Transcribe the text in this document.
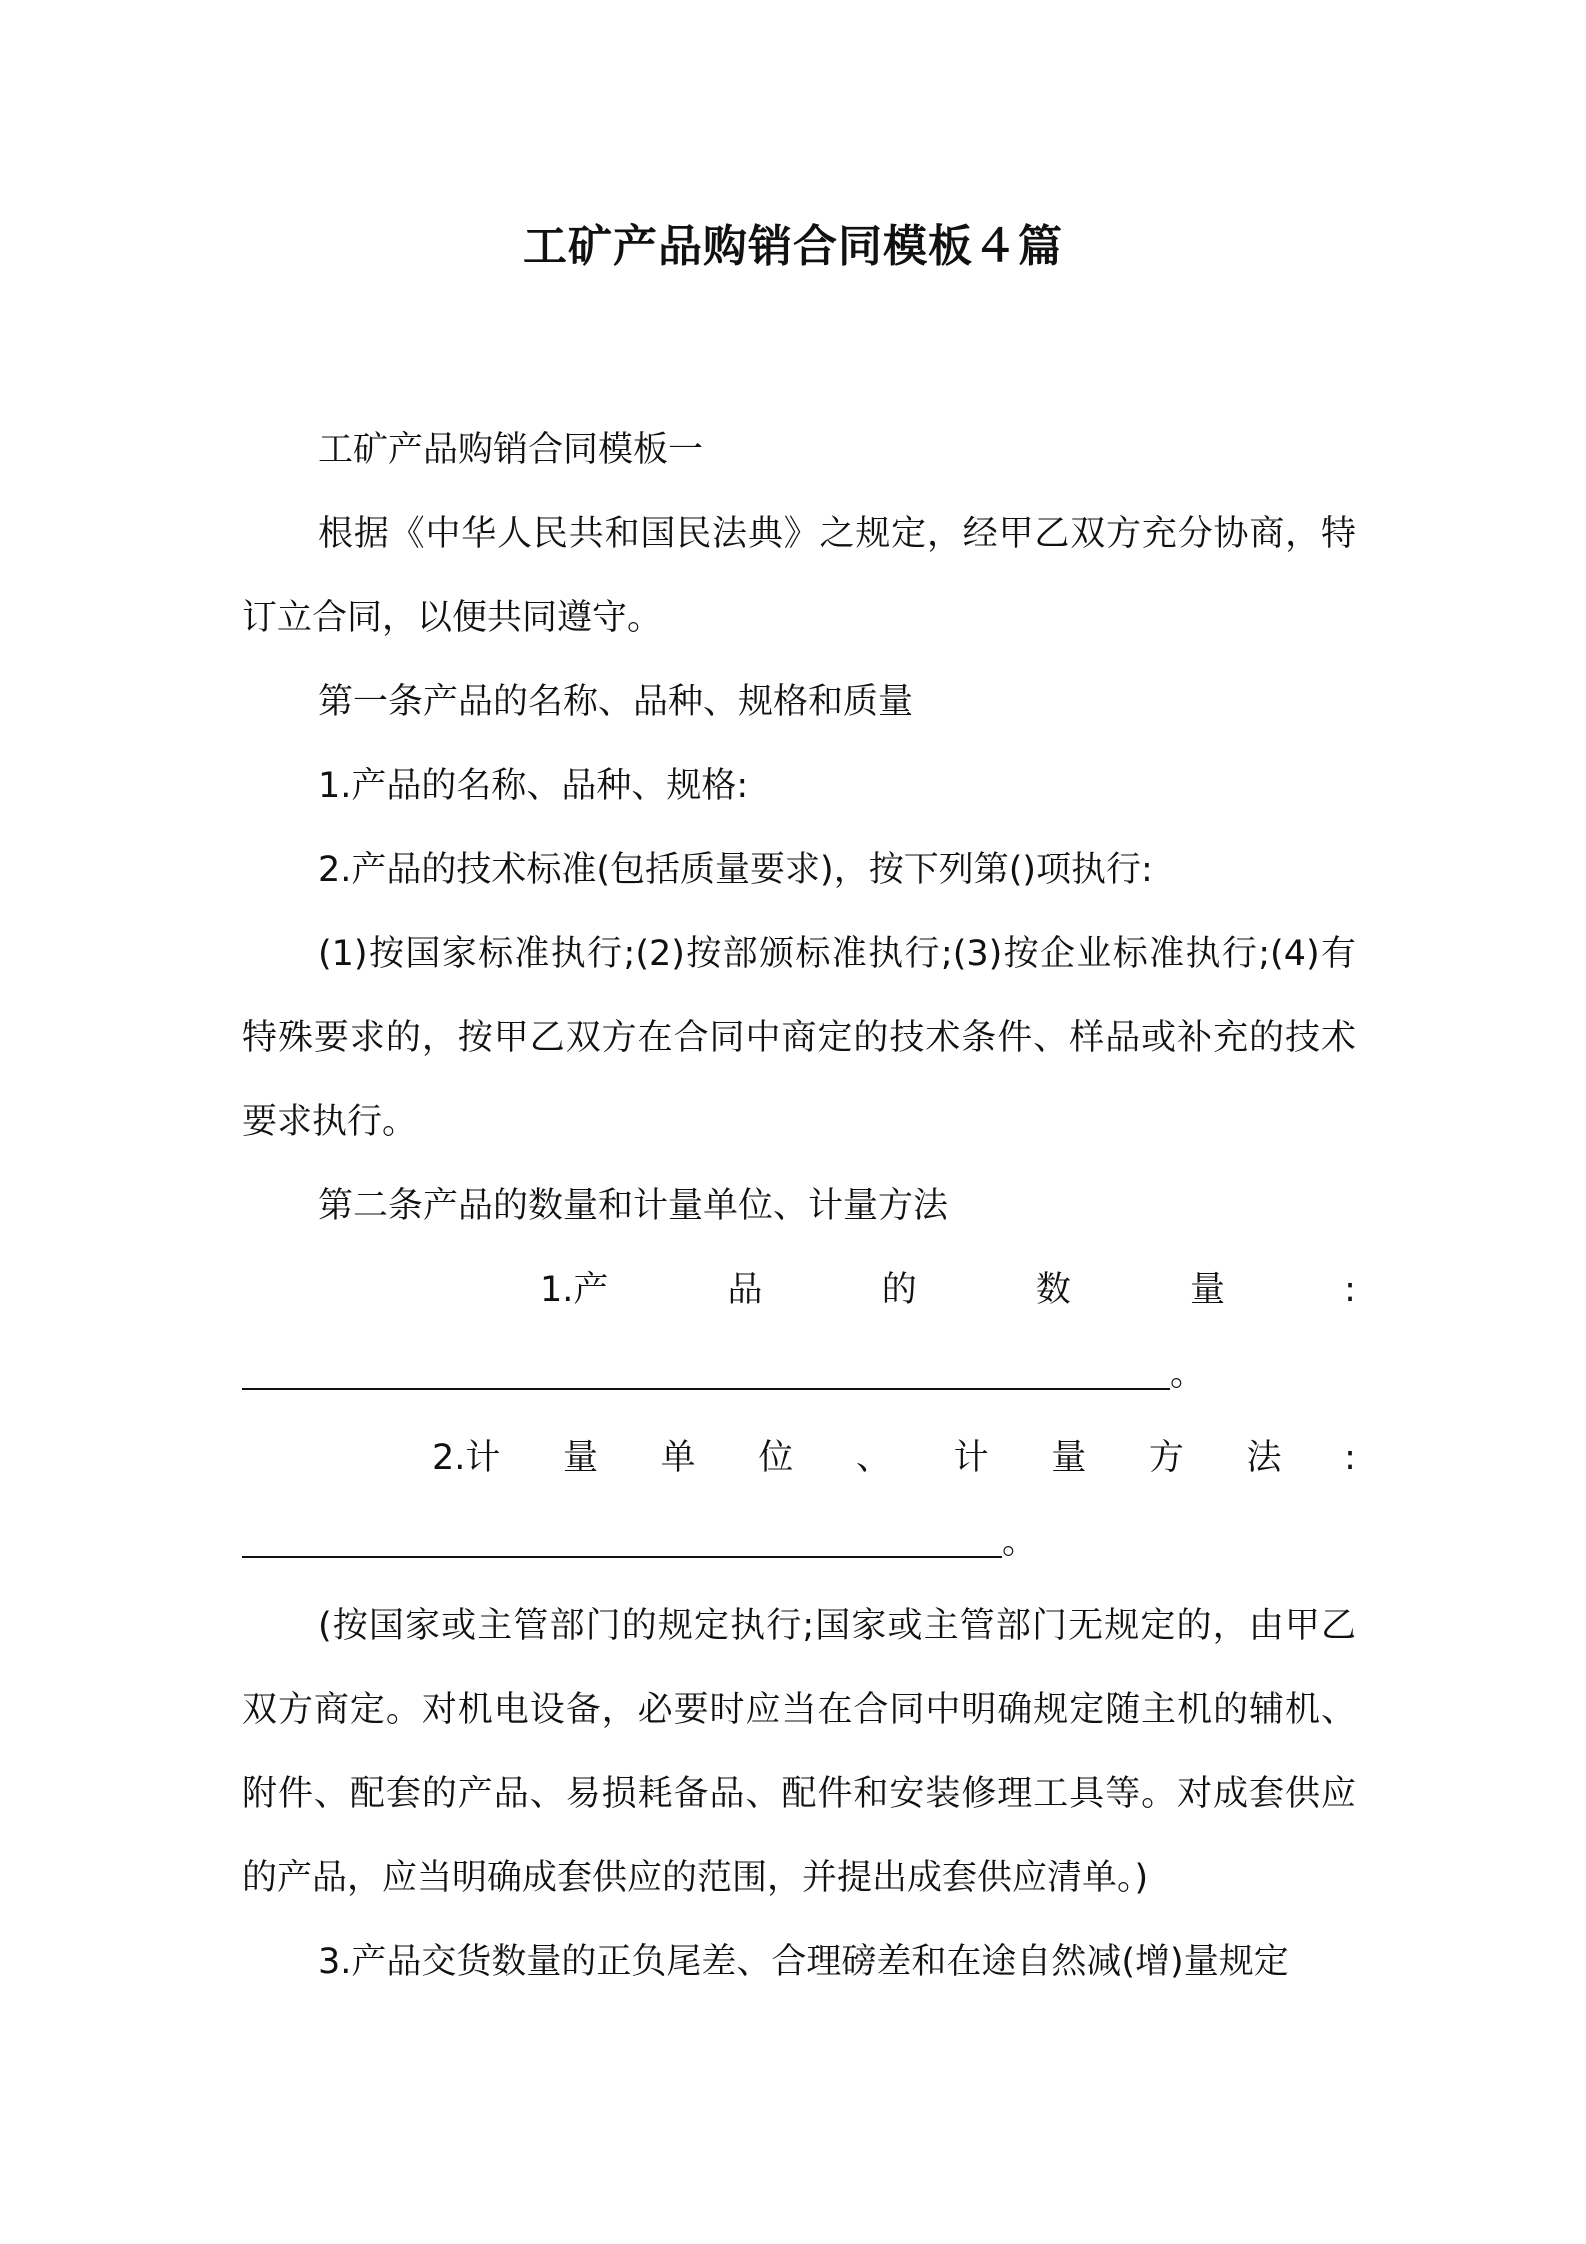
工矿产品购销合同模板４篇

工矿产品购销合同模板一

根据《中华人民共和国民法典》之规定，经甲乙双方充分协商，特订立合同，以便共同遵守。

第一条产品的名称、品种、规格和质量

1.产品的名称、品种、规格:

2.产品的技术标准(包括质量要求)，按下列第()项执行:

(1)按国家标准执行;(2)按部颁标准执行;(3)按企业标准执行;(4)有特殊要求的，按甲乙双方在合同中商定的技术条件、样品或补充的技术要求执行。

第二条产品的数量和计量单位、计量方法

1.产	品	的	数	量	:
。
2.计 量 单 位 、 计 量 方 法 :
。

(按国家或主管部门的规定执行;国家或主管部门无规定的，由甲乙双方商定。对机电设备，必要时应当在合同中明确规定随主机的辅机、附件、配套的产品、易损耗备品、配件和安装修理工具等。对成套供应的产品，应当明确成套供应的范围，并提出成套供应清单。)

3.产品交货数量的正负尾差、合理磅差和在途自然减(增)量规定
